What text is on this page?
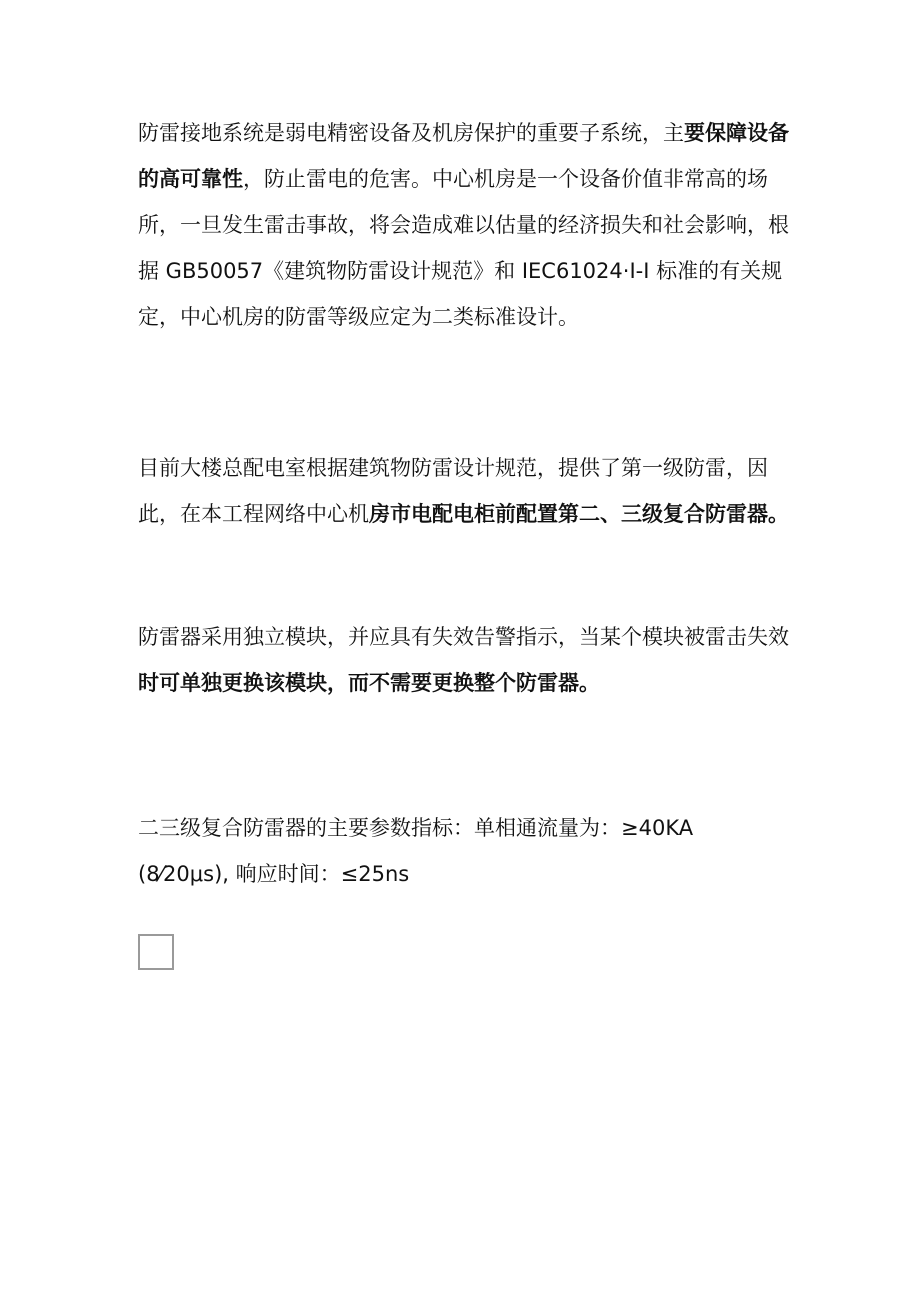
防雷接地系统是弱电精密设备及机房保护的重要子系统，主要保障设备的高可靠性，防止雷电的危害。中心机房是一个设备价值非常高的场所，一旦发生雷击事故，将会造成难以估量的经济损失和社会影响，根据 GB50057《建筑物防雷设计规范》和 IEC61024·I-I 标准的有关规定，中心机房的防雷等级应定为二类标准设计。

目前大楼总配电室根据建筑物防雷设计规范，提供了第一级防雷，因此，在本工程网络中心机房市电配电柜前配置第二、三级复合防雷器。

防雷器采用独立模块，并应具有失效告警指示，当某个模块被雷击失效时可单独更换该模块，而不需要更换整个防雷器。

二三级复合防雷器的主要参数指标：单相通流量为：≥40KA
(8⁄20μs), 响应时间：≤25ns
